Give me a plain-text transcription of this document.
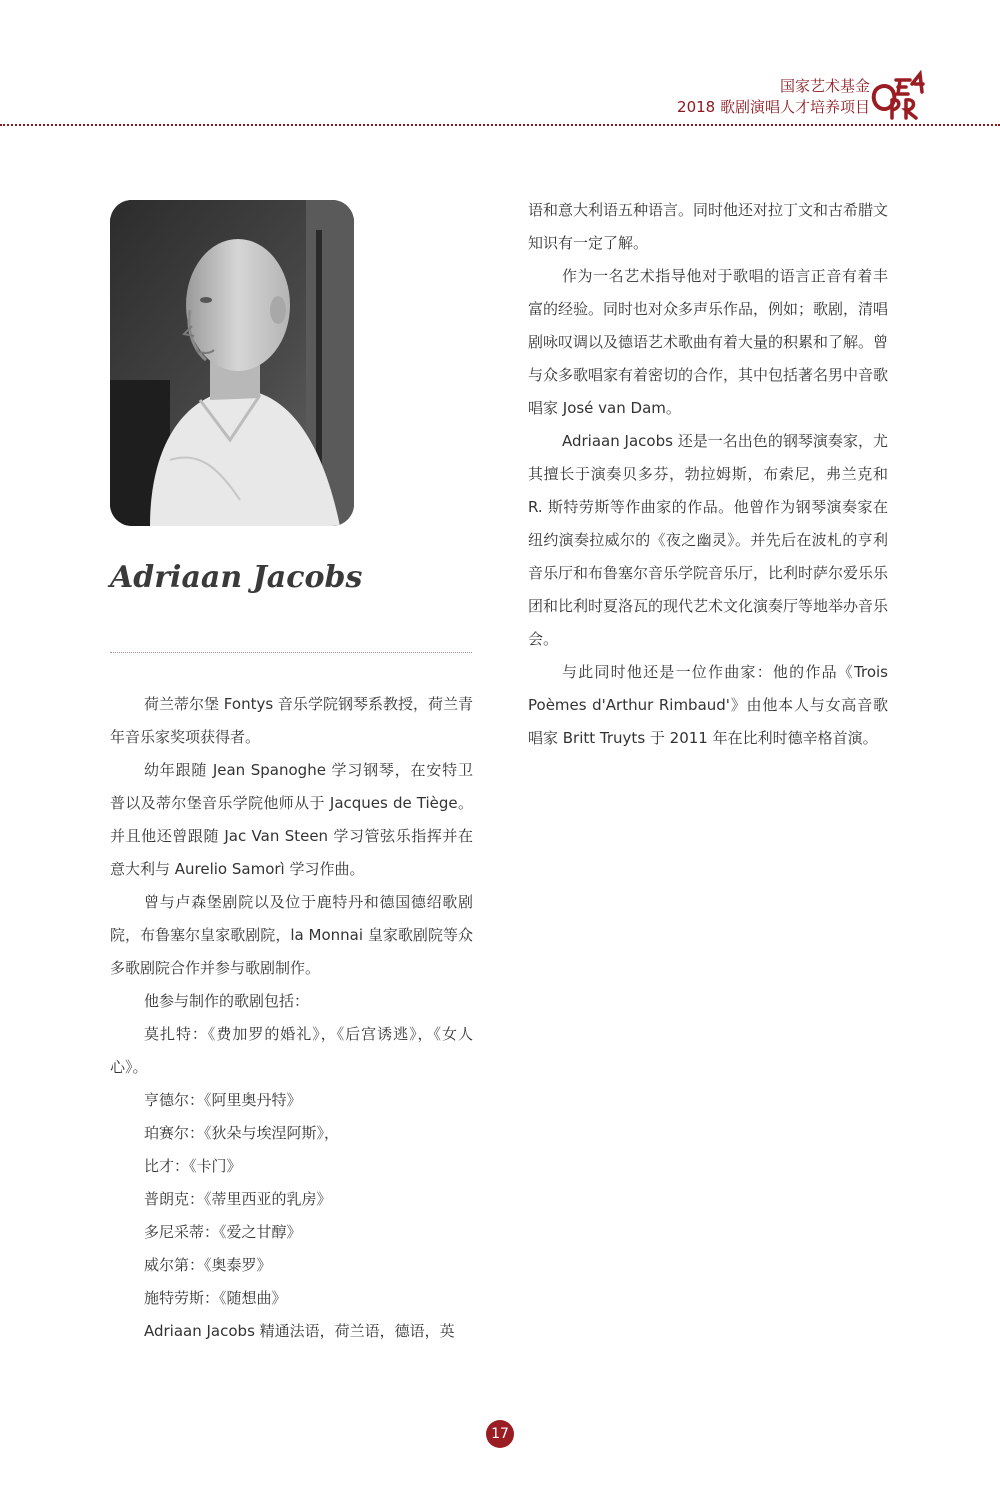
国家艺术基金
2018 歌剧演唱人才培养项目
Adriaan Jacobs

荷兰蒂尔堡 Fontys 音乐学院钢琴系教授，荷兰青年音乐家奖项获得者。

幼年跟随 Jean Spanoghe 学习钢琴，在安特卫普以及蒂尔堡音乐学院他师从于 Jacques de Tiège。并且他还曾跟随 Jac Van Steen 学习管弦乐指挥并在意大利与 Aurelio Samorì 学习作曲。

曾与卢森堡剧院以及位于鹿特丹和德国德绍歌剧院，布鲁塞尔皇家歌剧院，la Monnai 皇家歌剧院等众多歌剧院合作并参与歌剧制作。

他参与制作的歌剧包括：

莫扎特：《费加罗的婚礼》，《后宫诱逃》，《女人心》。

亨德尔：《阿里奥丹特》

珀赛尔：《狄朵与埃涅阿斯》，

比才：《卡门》

普朗克：《蒂里西亚的乳房》

多尼采蒂：《爱之甘醇》

威尔第：《奥泰罗》

施特劳斯：《随想曲》

Adriaan Jacobs 精通法语，荷兰语，德语，英

语和意大利语五种语言。同时他还对拉丁文和古希腊文知识有一定了解。

作为一名艺术指导他对于歌唱的语言正音有着丰富的经验。同时也对众多声乐作品，例如；歌剧，清唱剧咏叹调以及德语艺术歌曲有着大量的积累和了解。曾与众多歌唱家有着密切的合作，其中包括著名男中音歌唱家 José van Dam。

Adriaan Jacobs 还是一名出色的钢琴演奏家，尤其擅长于演奏贝多芬，勃拉姆斯，布索尼，弗兰克和 R. 斯特劳斯等作曲家的作品。他曾作为钢琴演奏家在纽约演奏拉威尔的《夜之幽灵》。并先后在波札的亨利音乐厅和布鲁塞尔音乐学院音乐厅，比利时萨尔爱乐乐团和比利时夏洛瓦的现代艺术文化演奏厅等地举办音乐会。

与此同时他还是一位作曲家：他的作品《Trois Poèmes d'Arthur Rimbaud'》由他本人与女高音歌唱家 Britt Truyts 于 2011 年在比利时德辛格首演。

17
